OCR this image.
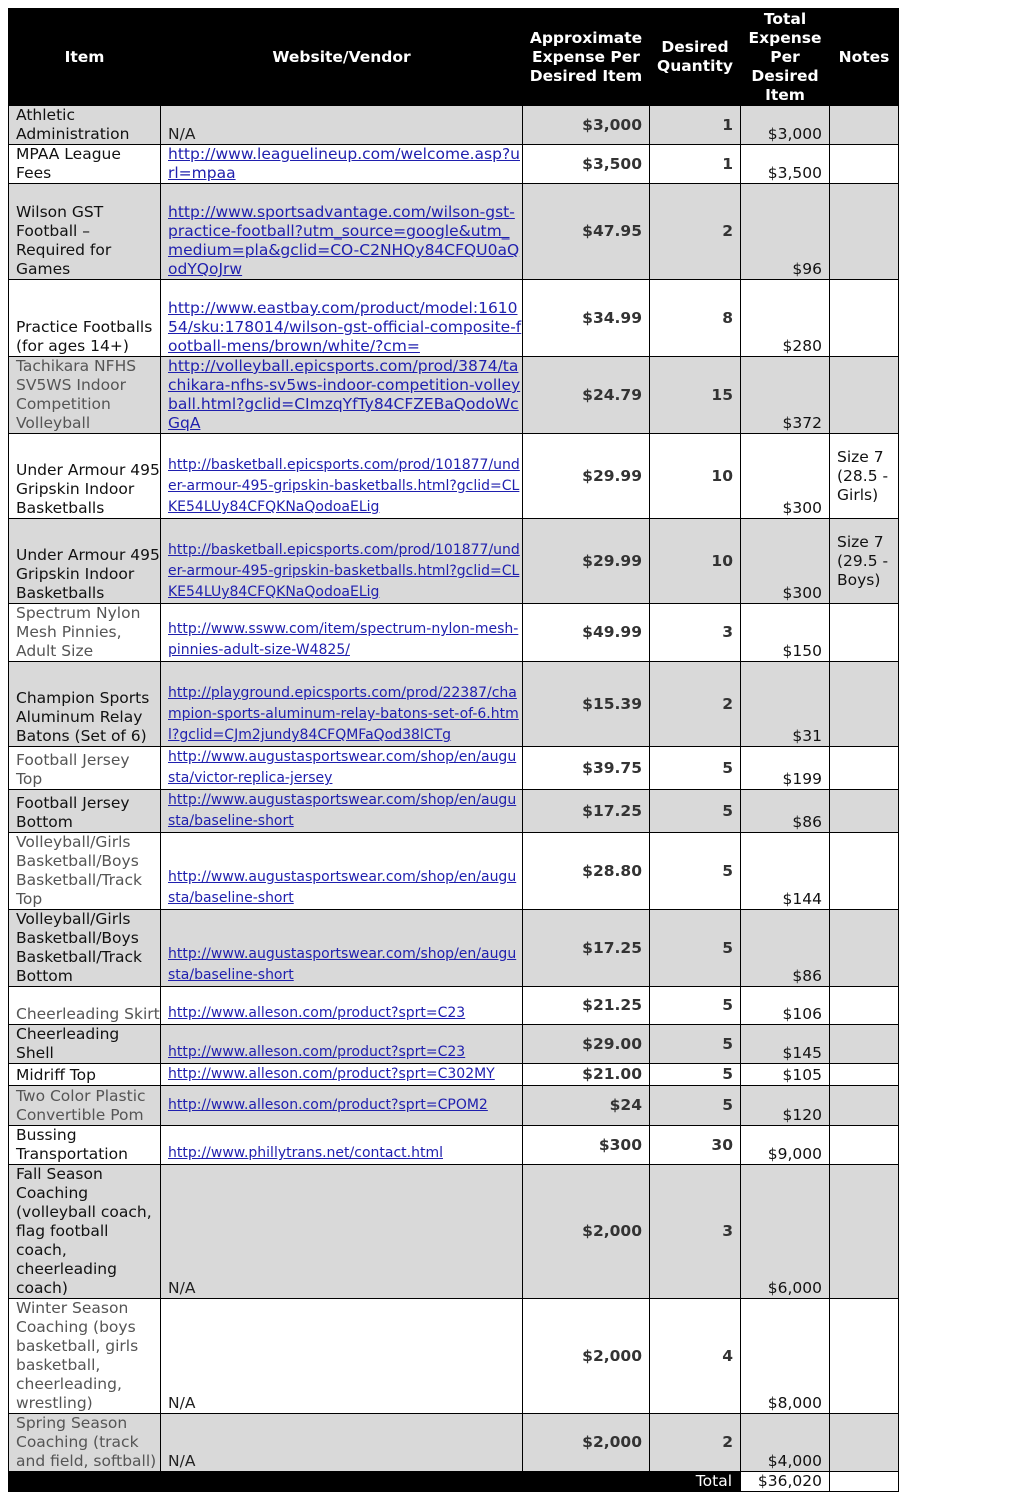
Item	Website/Vendor	Approximate Expense Per Desired Item	Desired Quantity	Total Expense Per Desired Item	Notes
Athletic Administration	N/A	$3,000	1	$3,000	
MPAA League Fees	http://www.leaguelineup.com/welcome.asp?url=mpaa	$3,500	1	$3,500	
Wilson GST Football – Required for Games	http://www.sportsadvantage.com/wilson-gst-practice-football?utm_source=google&utm_medium=pla&gclid=CO-C2NHQy84CFQU0aQodYQoJrw	$47.95	2	$96	
Practice Footballs (for ages 14+)	http://www.eastbay.com/product/model:161054/sku:178014/wilson-gst-official-composite-football-mens/brown/white/?cm=	$34.99	8	$280	
Tachikara NFHS SV5WS Indoor Competition Volleyball	http://volleyball.epicsports.com/prod/3874/tachikara-nfhs-sv5ws-indoor-competition-volleyball.html?gclid=CImzqYfTy84CFZEBaQodoWcGqA	$24.79	15	$372	
Under Armour 495 Gripskin Indoor Basketballs	http://basketball.epicsports.com/prod/101877/under-armour-495-gripskin-basketballs.html?gclid=CLKE54LUy84CFQKNaQodoaELig	$29.99	10	$300	Size 7 (28.5 - Girls)
Under Armour 495 Gripskin Indoor Basketballs	http://basketball.epicsports.com/prod/101877/under-armour-495-gripskin-basketballs.html?gclid=CLKE54LUy84CFQKNaQodoaELig	$29.99	10	$300	Size 7 (29.5 - Boys)
Spectrum Nylon Mesh Pinnies, Adult Size	http://www.ssww.com/item/spectrum-nylon-mesh-pinnies-adult-size-W4825/	$49.99	3	$150	
Champion Sports Aluminum Relay Batons (Set of 6)	http://playground.epicsports.com/prod/22387/champion-sports-aluminum-relay-batons-set-of-6.html?gclid=CJm2jundy84CFQMFaQod38lCTg	$15.39	2	$31	
Football Jersey Top	http://www.augustasportswear.com/shop/en/augusta/victor-replica-jersey	$39.75	5	$199	
Football Jersey Bottom	http://www.augustasportswear.com/shop/en/augusta/baseline-short	$17.25	5	$86	
Volleyball/Girls Basketball/Boys Basketball/Track Top	http://www.augustasportswear.com/shop/en/augusta/baseline-short	$28.80	5	$144	
Volleyball/Girls Basketball/Boys Basketball/Track Bottom	http://www.augustasportswear.com/shop/en/augusta/baseline-short	$17.25	5	$86	
Cheerleading Skirt	http://www.alleson.com/product?sprt=C23	$21.25	5	$106	
Cheerleading Shell	http://www.alleson.com/product?sprt=C23	$29.00	5	$145	
Midriff Top	http://www.alleson.com/product?sprt=C302MY	$21.00	5	$105	
Two Color Plastic Convertible Pom	http://www.alleson.com/product?sprt=CPOM2	$24	5	$120	
Bussing Transportation	http://www.phillytrans.net/contact.html	$300	30	$9,000	
Fall Season Coaching (volleyball coach, flag football coach, cheerleading coach)	N/A	$2,000	3	$6,000	
Winter Season Coaching (boys basketball, girls basketball, cheerleading, wrestling)	N/A	$2,000	4	$8,000	
Spring Season Coaching (track and field, softball)	N/A	$2,000	2	$4,000	
Total				$36,020	
